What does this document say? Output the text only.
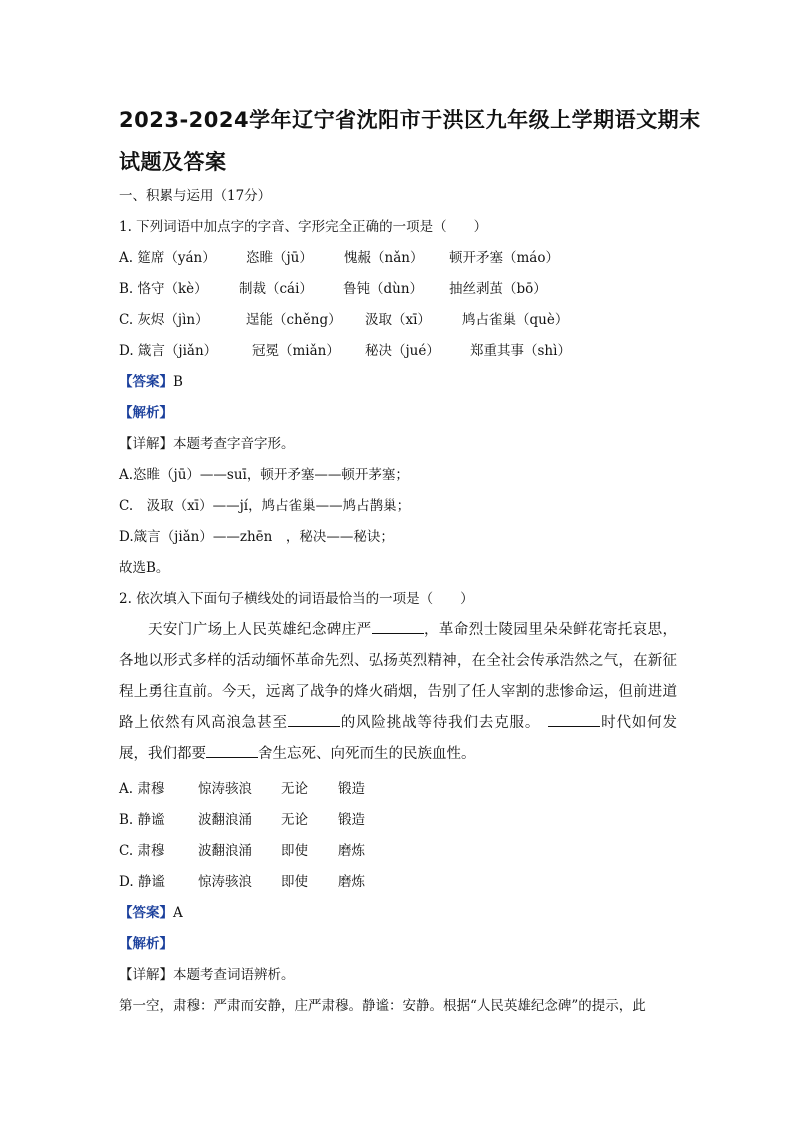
2023-2024学年辽宁省沈阳市于洪区九年级上学期语文期末
试题及答案
一、积累与运用（17分）
1. 下列词语中加点字的字音、字形完全正确的一项是（　　）
A. 筵席（yán） 恣睢（jū） 愧赧（nǎn） 顿开矛塞（máo）
B. 恪守（kè） 制裁（cái） 鲁钝（dùn） 抽丝剥茧（bō）
C. 灰烬（jìn）	逞能（chěng） 汲取（xī） 鸠占雀巢（què）
D. 箴言（jiǎn）	冠冕（miǎn） 秘决（jué） 郑重其事（shì）
【答案】B
【解析】
【详解】本题考查字音字形。
A.恣睢（jū）——suī，顿开矛塞——顿开茅塞；
C.　汲取（xī）——jí，鸠占雀巢——鸠占鹊巢；
D.箴言（jiǎn）——zhēn　，秘决——秘诀；
故选B。
2. 依次填入下面句子横线处的词语最恰当的一项是（　　）
天安门广场上人民英雄纪念碑庄严	，革命烈士陵园里朵朵鲜花寄托哀思，各地以形式多样的活动缅怀革命先烈、弘扬英烈精神，在全社会传承浩然之气，在新征程上勇往直前。今天，远离了战争的烽火硝烟，告别了任人宰割的悲惨命运，但前进道路上依然有风高浪急甚至	的风险挑战等待我们去克服。	时代如何发展，我们都要	舍生忘死、向死而生的民族血性。
A. 肃穆 惊涛骇浪 无论 锻造
B. 静谧 波翻浪涌 无论 锻造
C. 肃穆 波翻浪涌 即使 磨炼
D. 静谧 惊涛骇浪 即使 磨炼
【答案】A
【解析】
【详解】本题考查词语辨析。
第一空，肃穆：严肃而安静，庄严肃穆。静谧：安静。根据“人民英雄纪念碑”的提示，此
